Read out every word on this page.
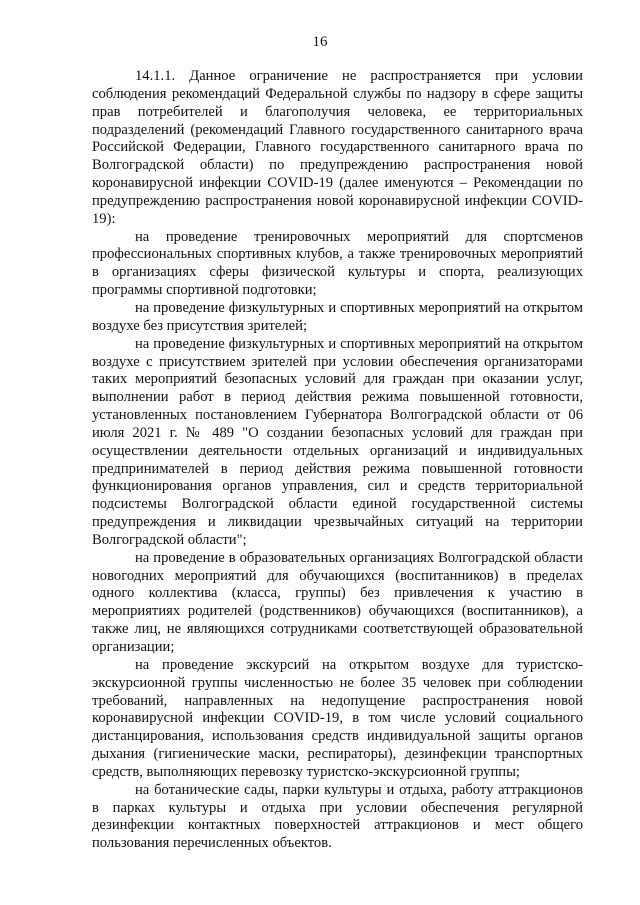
16

14.1.1. Данное ограничение не распространяется при условии соблюдения рекомендаций Федеральной службы по надзору в сфере защиты прав потребителей и благополучия человека, ее территориальных подразделений (рекомендаций Главного государственного санитарного врача Российской Федерации, Главного государственного санитарного врача по Волгоградской области) по предупреждению распространения новой коронавирусной инфекции COVID-19 (далее именуются – Рекомендации по предупреждению распространения новой коронавирусной инфекции COVID-19):

на проведение тренировочных мероприятий для спортсменов профессиональных спортивных клубов, а также тренировочных мероприятий в организациях сферы физической культуры и спорта, реализующих программы спортивной подготовки;

на проведение физкультурных и спортивных мероприятий на открытом воздухе без присутствия зрителей;

на проведение физкультурных и спортивных мероприятий на открытом воздухе с присутствием зрителей при условии обеспечения организаторами таких мероприятий безопасных условий для граждан при оказании услуг, выполнении работ в период действия режима повышенной готовности, установленных постановлением Губернатора Волгоградской области от 06 июля 2021 г. № 489 "О создании безопасных условий для граждан при осуществлении деятельности отдельных организаций и индивидуальных предпринимателей в период действия режима повышенной готовности функционирования органов управления, сил и средств территориальной подсистемы Волгоградской области единой государственной системы предупреждения и ликвидации чрезвычайных ситуаций на территории Волгоградской области";

на проведение в образовательных организациях Волгоградской области новогодних мероприятий для обучающихся (воспитанников) в пределах одного коллектива (класса, группы) без привлечения к участию в мероприятиях родителей (родственников) обучающихся (воспитанников), а также лиц, не являющихся сотрудниками соответствующей образовательной организации;

на проведение экскурсий на открытом воздухе для туристско-экскурсионной группы численностью не более 35 человек при соблюдении требований, направленных на недопущение распространения новой коронавирусной инфекции COVID-19, в том числе условий социального дистанцирования, использования средств индивидуальной защиты органов дыхания (гигиенические маски, респираторы), дезинфекции транспортных средств, выполняющих перевозку туристско-экскурсионной группы;

на ботанические сады, парки культуры и отдыха, работу аттракционов в парках культуры и отдыха при условии обеспечения регулярной дезинфекции контактных поверхностей аттракционов и мест общего пользования перечисленных объектов.
